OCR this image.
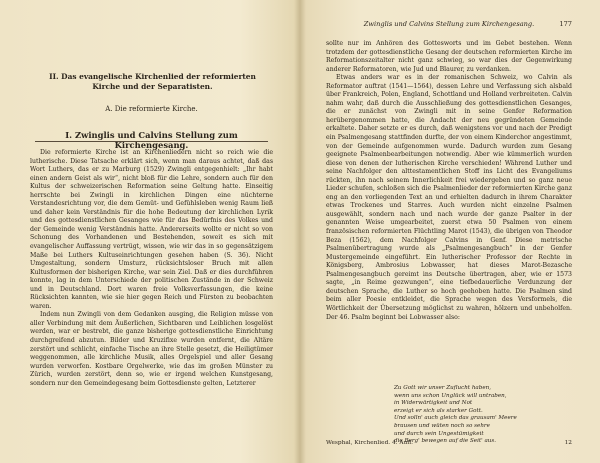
II. Das evangelische Kirchenlied der reformierten Kirche und der Separatisten.
A. Die reformierte Kirche.
I. Zwinglis und Calvins Stellung zum Kirchengesang.

Die reformierte Kirche ist an Kirchenliedern nicht so reich wie die lutherische. Diese Tatsache erklärt sich, wenn man daraus achtet, daß das Wort Luthers, das er zu Marburg (1529) Zwingli entgegenhielt: „Ihr habt einen andern Geist als wir“, nicht bloß für die Lehre, sondern auch für den Kultus der schweizerischen Reformation seine Geltung hatte. Einseitig herrschte bei Zwingli in kirchlichen Dingen eine nüchterne Verstandesrichtung vor, die dem Gemüt- und Gefühlsleben wenig Raum ließ und daher kein Verständnis für die hohe Bedeutung der kirchlichen Lyrik und des gottesdienstlichen Gesanges wie für das Bedürfnis des Volkes und der Gemeinde wenig Verständnis hatte. Andererseits wollte er nicht so von Schonung des Vorhandenen und Bestehenden, soweit es sich mit evangelischer Auffassung vertrügt, wissen, wie wir das in so gegensätzigem Maße bei Luthers Kultuseinrichtungen gesehen haben (S. 36). Nicht Umgestaltung, sondern Umsturz, rücksichtsloser Bruch mit allen Kultusformen der bisherigen Kirche, war sein Ziel. Daß er dies durchführen konnte, lag in dem Unterschiede der politischen Zustände in der Schweiz und in Deutschland. Dort waren freie Volksverfassungen, die keine Rücksichten kannten, wie sie hier gegen Reich und Fürsten zu beobachten waren.

Indem nun Zwingli von dem Gedanken ausging, die Religion müsse von aller Verbindung mit dem Äußerlichen, Sichtbaren und Leiblichen losgelöst werden, war er bestrebt, die ganze bisherige gottesdienstliche Einrichtung durchgreifend abzutun. Bilder und Kruzifixe wurden entfernt, die Altäre zerstört und schlicht, einfache Tische an ihre Stelle gesetzt, die Heiligtümer weggenommen, alle kirchliche Musik, alles Orgelspiel und aller Gesang wurden verworfen. Kostbare Orgelwerke, wie das im großen Münster zu Zürich, wurden zerstört, denn so, wie er irgend welchen Kunstgesang, sondern nur den Gemeindegesang beim Gottesdienste gelten, Letzterer

Zwinglis und Calvins Stellung zum Kirchengesang.	177

sollte nur im Anhören des Gottesworts und im Gebet bestehen. Wenn trotzdem der gottesdienstliche Gesang der deutschen reformierten Kirche im Reformationszeitalter nicht ganz schwieg, so war dies der Gegenwirkung anderer Reformatoren, wie Jud und Blaurer, zu verdanken.

Etwas anders war es in der romanischen Schweiz, wo Calvin als Reformator auftrat (1541—1564), dessen Lehre und Verfassung sich alsbald über Frankreich, Polen, England, Schottland und Holland verbreiteten. Calvin nahm wahr, daß durch die Ausschließung des gottesdienstlichen Gesanges, die er zunächst von Zwingli mit in seine Genfer Reformation herübergenommen hatte, die Andacht der neu gegründeten Gemeinde erkaltete. Daher setzte er es durch, daß wenigstens vor und nach der Predigt ein Psalmengesang stattfinden durfte, der von einem Kinderchor angestimmt, von der Gemeinde aufgenommen wurde. Dadurch wurden zum Gesang geeignete Psalmenbearbeitungen notwendig. Aber wie kümmerlich wurden diese von denen der lutherischen Kirche verschieden! Während Luther und seine Nachfolger den alttestamentlichen Stoff ins Licht des Evangeliums rückten, ihn nach seinem Innerlichkeit frei wiedergeben und so ganz neue Lieder schufen, schloßen sich die Psalmenlieder der reformierten Kirche ganz eng an den vorliegenden Text an und erhielten dadurch in ihrem Charakter etwas Trockenes und Starres. Auch wurden nicht einzelne Psalmen ausgewählt, sondern nach und nach wurde der ganze Psalter in der genannten Weise umgearbeitet, zuerst etwa 50 Psalmen von einem französischen reformierten Flüchtling Marot (1543), die übrigen von Theodor Beza (1562), dem Nachfolger Calvins in Genf. Diese metrische Psalmenübertragung wurde als „Psalmengesangbuch“ in der Genfer Mustergemeinde eingeführt. Ein lutherischer Professor der Rechte in Königsberg, Ambrosius Lobwasser, hat dieses Marot-Bezasche Psalmengesangbuch gereimt ins Deutsche übertragen, aber, wie er 1573 sagte, „in Reime gezwungen“, eine tiefbedauerliche Verdunzung der deutschen Sprache, die Luther so hoch geehoben hatte. Die Psalmen sind beim aller Poesie entkleidet, die Sprache wegen des Versformels, die Wörtlichkeit der Übersetzung möglichst zu wahren, hölzern und unbeholfen. Der 46. Psalm beginnt bei Lobwasser also:

Zu Gott wir unser Zuflucht haben,
wenn uns schon Unglück will untraben,
in Widerwärtigkeit und Not
erzeigt er sich als starker Gott.
Und solln' auch gleich das grausam' Meere
brausen und wüten noch so sehre
und durch sein Ungestümigkeit
die Berg' bewegen auf die Seit' aus.
Wesphal, Kirchenlied. 4. Aufl.	12
